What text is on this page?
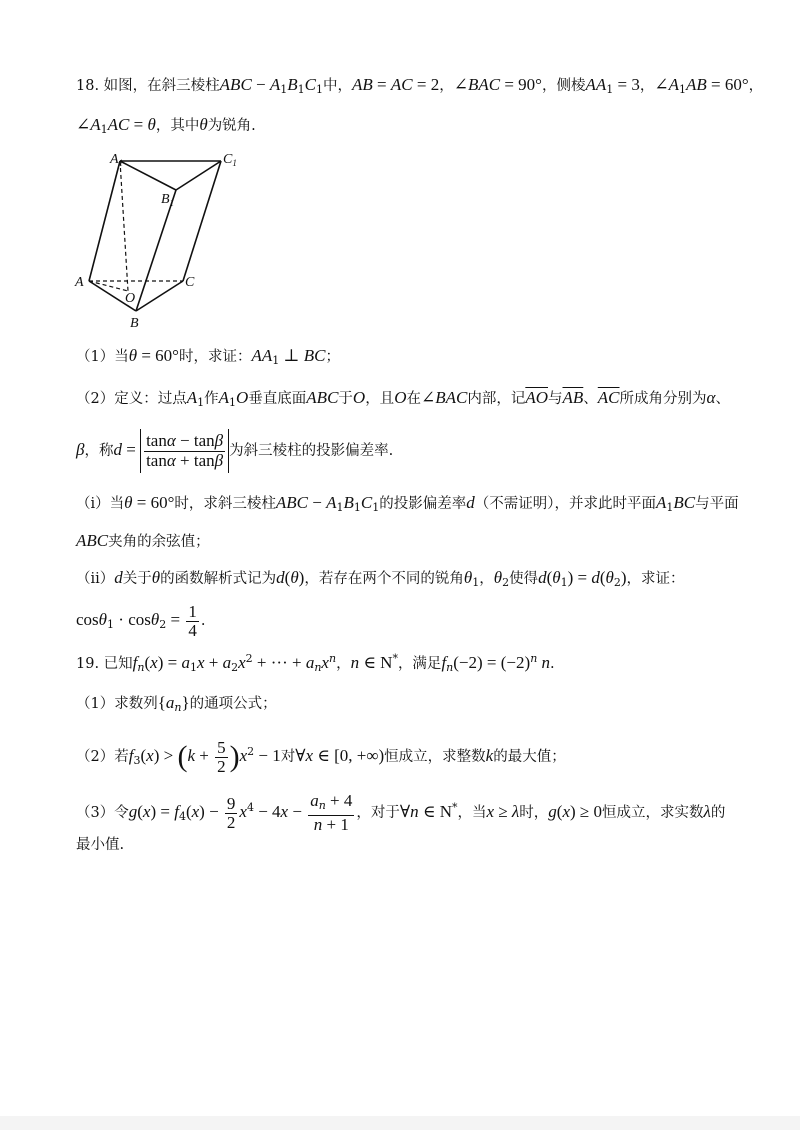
18. 如图，在斜三棱柱ABC − $A_1B_1C_1$中，AB = AC = 2，∠BAC = 90°，侧棱$AA_1 = 3$，$\angle A_1AB = 60^\circ$，
$\angle A_1AC = \theta$，其中θ为锐角.
$A_1$	$C_1$
$B_1$
A	C
O
B
（1）当θ = 60°时，求证：$AA_1$ ⊥ BC；
（2）定义：过点$A_1$作$A_1O$垂直底面ABC于O，且O在∠BAC内部，记$\overline{AO}$与$\overline{AB}$、$\overline{AC}$所成角分别为α、
β，称$d = \frac{\tan\alpha - \tan\beta}{\tan\alpha + \tan\beta}$ 为斜三棱柱的投影偏差率.
（i）当θ = 60°时，求斜三棱柱ABC − $A_1B_1C_1$的投影偏差率d（不需证明），并求此时平面$A_1BC$与平面
ABC夹角的余弦值；
（ii）d关于θ的函数解析式记为d(θ)，若存在两个不同的锐角$\theta_1$，$\theta_2$使得$d(\theta_1) = d(\theta_2)$，求证：
$\cos\theta_1 \cdot \cos\theta_2 = \frac{1}{4}$ .
19. 已知$f_n(x) = a_1x + a_2x^2$ + ··· + $a_nx^n$，n ∈ N*，满足$f_n(-2) = (-2)^n$ n.
（1）求数列$\{a_n\}$的通项公式；
（2）若$f_3(x) > (k + \frac{5}{2} )x^2 - 1$对∀x ∈ [0, +∞)恒成立，求整数k的最大值；
（3）令$g(x) = f_4(x) - \frac{9}{2} x^4 - 4x - \frac{a_n + 4}{n + 1}$ ，对于∀n ∈ N*，当x ≥ λ时，g(x) ≥ 0恒成立，求实数λ的
最小值.
